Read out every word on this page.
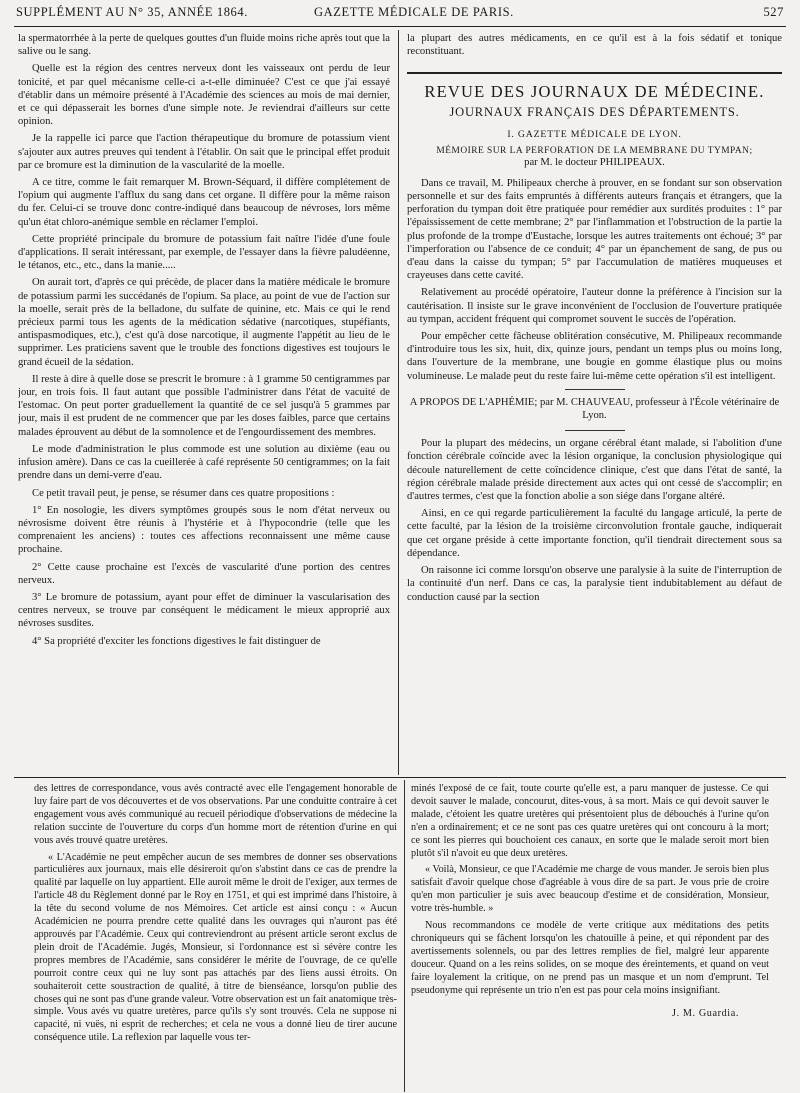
SUPPLÉMENT AU N° 35, ANNÉE 1864.	GAZETTE MÉDICALE DE PARIS.	527

la spermatorrhée à la perte de quelques gouttes d'un fluide moins riche après tout que la salive ou le sang.

Quelle est la région des centres nerveux dont les vaisseaux ont perdu de leur tonicité, et par quel mécanisme celle-ci a-t-elle diminuée? C'est ce que j'ai essayé d'établir dans un mémoire présenté à l'Académie des sciences au mois de mai dernier, et ce qui dépasserait les bornes d'une simple note. Je reviendrai d'ailleurs sur cette opinion.

Je la rappelle ici parce que l'action thérapeutique du bromure de potassium vient s'ajouter aux autres preuves qui tendent à l'établir. On sait que le principal effet produit par ce bromure est la diminution de la vascularité de la moelle.

A ce titre, comme le fait remarquer M. Brown-Séquard, il diffère complétement de l'opium qui augmente l'afflux du sang dans cet organe. Il diffère pour la même raison du fer. Celui-ci se trouve donc contre-indiqué dans beaucoup de névroses, lors même qu'un état chloro-anémique semble en réclamer l'emploi.

Cette propriété principale du bromure de potassium fait naître l'idée d'une foule d'applications. Il serait intéressant, par exemple, de l'essayer dans la fièvre paludéenne, le tétanos, etc., etc., dans la manie.....

On aurait tort, d'après ce qui précède, de placer dans la matière médicale le bromure de potassium parmi les succédanés de l'opium. Sa place, au point de vue de l'action sur la moelle, serait près de la belladone, du sulfate de quinine, etc. Mais ce qui le rend précieux parmi tous les agents de la médication sédative (narcotiques, stupéfiants, antispasmodiques, etc.), c'est qu'à dose narcotique, il augmente l'appétit au lieu de le supprimer. Les praticiens savent que le trouble des fonctions digestives est toujours le grand écueil de la sédation.

Il reste à dire à quelle dose se prescrit le bromure : à 1 gramme 50 centigrammes par jour, en trois fois. Il faut autant que possible l'administrer dans l'état de vacuité de l'estomac. On peut porter graduellement la quantité de ce sel jusqu'à 5 grammes par jour, mais il est prudent de ne commencer que par les doses faibles, parce que certains malades éprouvent au début de la somnolence et de l'engourdissement des membres.

Le mode d'administration le plus commode est une solution au dixième (eau ou infusion amère). Dans ce cas la cueillerée à café représente 50 centigrammes; on la fait prendre dans un demi-verre d'eau.

Ce petit travail peut, je pense, se résumer dans ces quatre propositions :

1° En nosologie, les divers symptômes groupés sous le nom d'état nerveux ou névrosisme doivent être réunis à l'hystérie et à l'hypocondrie (telle que les comprenaient les anciens) : toutes ces affections reconnaissent une même cause prochaine.

2° Cette cause prochaine est l'excès de vascularité d'une portion des centres nerveux.

3° Le bromure de potassium, ayant pour effet de diminuer la vascularisation des centres nerveux, se trouve par conséquent le médicament le mieux approprié aux névroses susdites.

4° Sa propriété d'exciter les fonctions digestives le fait distinguer de

la plupart des autres médicaments, en ce qu'il est à la fois sédatif et tonique reconstituant.

REVUE DES JOURNAUX DE MÉDECINE.
JOURNAUX FRANÇAIS DES DÉPARTEMENTS.

I. GAZETTE MÉDICALE DE LYON.

MÉMOIRE SUR LA PERFORATION DE LA MEMBRANE DU TYMPAN;
par M. le docteur PHILIPEAUX.

Dans ce travail, M. Philipeaux cherche à prouver, en se fondant sur son observation personnelle et sur des faits empruntés à différents auteurs français et étrangers, que la perforation du tympan doit être pratiquée pour remédier aux surdités produites : 1° par l'épaississement de cette membrane; 2° par l'inflammation et l'obstruction de la partie la plus profonde de la trompe d'Eustache, lorsque les autres traitements ont échoué; 3° par l'imperforation ou l'absence de ce conduit; 4° par un épanchement de sang, de pus ou d'eau dans la caisse du tympan; 5° par l'accumulation de matières muqueuses et crayeuses dans cette cavité.

Relativement au procédé opératoire, l'auteur donne la préférence à l'incision sur la cautérisation. Il insiste sur le grave inconvénient de l'occlusion de l'ouverture pratiquée au tympan, accident fréquent qui compromet souvent le succès de l'opération.

Pour empêcher cette fâcheuse oblitération consécutive, M. Philipeaux recommande d'introduire tous les six, huit, dix, quinze jours, pendant un temps plus ou moins long, dans l'ouverture de la membrane, une bougie en gomme élastique plus ou moins volumineuse. Le malade peut du reste faire lui-même cette opération s'il est intelligent.

A PROPOS DE L'APHÉMIE; par M. CHAUVEAU, professeur à l'École vétérinaire de Lyon.

Pour la plupart des médecins, un organe cérébral étant malade, si l'abolition d'une fonction cérébrale coïncide avec la lésion organique, la conclusion physiologique qui découle naturellement de cette coïncidence clinique, c'est que dans l'état de santé, la région cérébrale malade préside directement aux actes qui ont cessé de s'accomplir; en d'autres termes, c'est que la fonction abolie a son siége dans l'organe altéré.

Ainsi, en ce qui regarde particulièrement la faculté du langage articulé, la perte de cette faculté, par la lésion de la troisième circonvolution frontale gauche, indiquerait que cet organe préside à cette importante fonction, qu'il tiendrait directement sous sa dépendance.

On raisonne ici comme lorsqu'on observe une paralysie à la suite de l'interruption de la continuité d'un nerf. Dans ce cas, la paralysie tient indubitablement au défaut de conduction causé par la section

des lettres de correspondance, vous avés contracté avec elle l'engagement honorable de luy faire part de vos découvertes et de vos observations. Par une conduitte contraire à cet engagement vous avés communiqué au recueil périodique d'observations de médecine la relation succinte de l'ouverture du corps d'un homme mort de rétention d'urine en qui vous avés trouvé quatre uretères.

« L'Académie ne peut empêcher aucun de ses membres de donner ses observations particulières aux journaux, mais elle désireroit qu'on s'abstint dans ce cas de prendre la qualité par laquelle on luy appartient. Elle auroit même le droit de l'exiger, aux termes de l'article 48 du Règlement donné par le Roy en 1751, et qui est imprimé dans l'histoire, à la tête du second volume de nos Mémoires. Cet article est ainsi conçu : « Aucun Académicien ne pourra prendre cette qualité dans les ouvrages qui n'auront pas été approuvés par l'Académie. Ceux qui contreviendront au présent article seront exclus de plein droit de l'Académie. Jugés, Monsieur, si l'ordonnance est si sévère contre les propres membres de l'Académie, sans considérer le mérite de l'ouvrage, de ce qu'elle pourroit contre ceux qui ne luy sont pas attachés par des liens aussi étroits. On souhaiteroit cette soustraction de qualité, à titre de bienséance, lorsqu'on publie des choses qui ne sont pas d'une grande valeur. Votre observation est un fait anatomique très-simple. Vous avés vu quatre uretères, parce qu'ils s'y sont trouvés. Cela ne suppose ni capacité, ni vuës, ni esprit de recherches; et cela ne vous a donné lieu de tirer aucune conséquence utile. La reflexion par laquelle vous ter-

minés l'exposé de ce fait, toute courte qu'elle est, a paru manquer de justesse. Ce qui devoit sauver le malade, concourut, dites-vous, à sa mort. Mais ce qui devoit sauver le malade, c'étoient les quatre uretères qui présentoient plus de débouchés à l'urine qu'on n'en a ordinairement; et ce ne sont pas ces quatre uretères qui ont concouru à la mort; ce sont les pierres qui bouchoient ces canaux, en sorte que le malade seroit mort bien plutôt s'il n'avoit eu que deux uretères.

« Voilà, Monsieur, ce que l'Académie me charge de vous mander. Je serois bien plus satisfait d'avoir quelque chose d'agréable à vous dire de sa part. Je vous prie de croire qu'en mon particulier je suis avec beaucoup d'estime et de considération, Monsieur, votre très-humble. »

Nous recommandons ce modèle de verte critique aux méditations des petits chroniqueurs qui se fâchent lorsqu'on les chatouille à peine, et qui répondent par des avertissements solennels, ou par des lettres remplies de fiel, malgré leur apparente douceur. Quand on a les reins solides, on se moque des éreintements, et quand on veut faire loyalement la critique, on ne prend pas un masque et un nom d'emprunt. Tel pseudonyme qui représente un trio n'en est pas pour cela moins insignifiant.

J. M. Guardia.
